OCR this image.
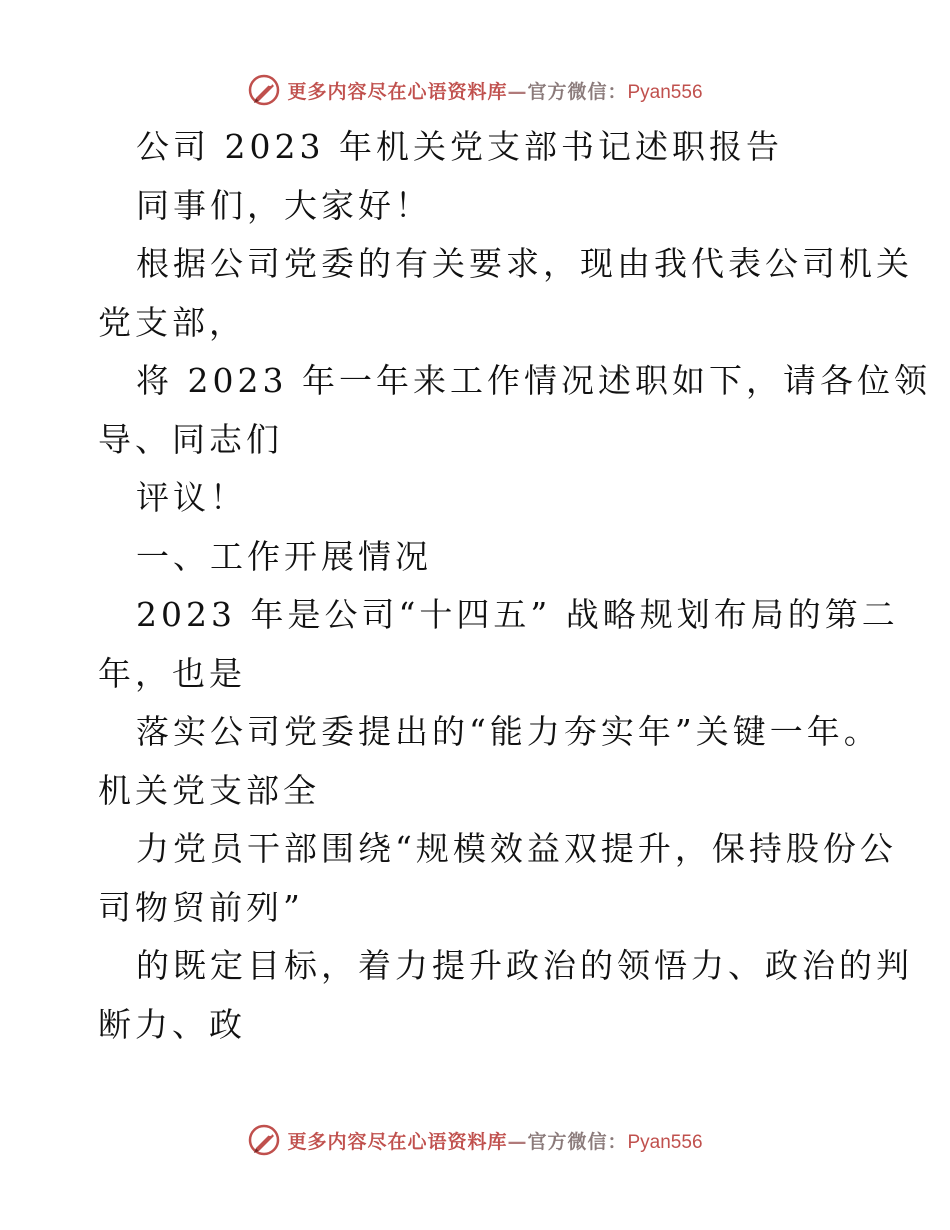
更多内容尽在心语资料库—官方微信：Pyan556
公司 2023 年机关党支部书记述职报告
同事们，大家好！
根据公司党委的有关要求，现由我代表公司机关
党支部，
将 2023 年一年来工作情况述职如下，请各位领
导、同志们
评议！
一、工作开展情况
2023 年是公司“十四五” 战略规划布局的第二
年，也是
落实公司党委提出的“能力夯实年”关键一年。
机关党支部全
力党员干部围绕“规模效益双提升，保持股份公
司物贸前列”
的既定目标，着力提升政治的领悟力、政治的判
断力、政
更多内容尽在心语资料库—官方微信：Pyan556
